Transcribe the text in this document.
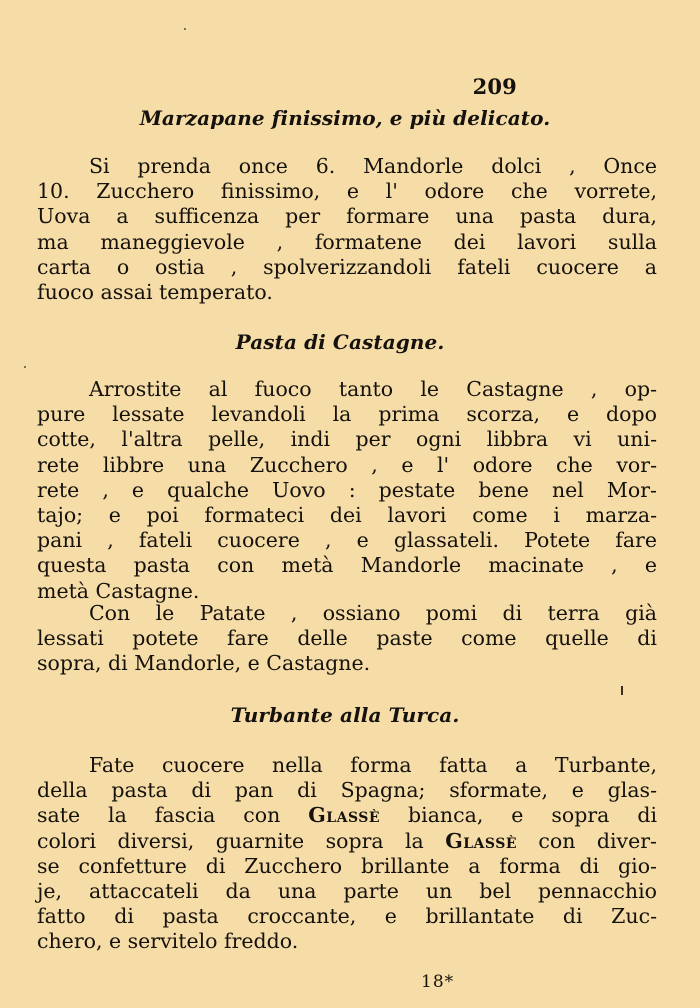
209
Marzapane finissimo, e più delicato.
Si prenda once 6. Mandorle dolci , Once
10. Zucchero finissimo, e l' odore che vorrete,
Uova a sufficenza per formare una pasta dura,
ma maneggievole , formatene dei lavori sulla
carta o ostia , spolverizzandoli fateli cuocere a
fuoco assai temperato.
Pasta di Castagne.
Arrostite al fuoco tanto le Castagne , op-
pure lessate levandoli la prima scorza, e dopo
cotte, l'altra pelle, indi per ogni libbra vi uni-
rete libbre una Zucchero , e l' odore che vor-
rete , e qualche Uovo : pestate bene nel Mor-
tajo; e poi formateci dei lavori come i marza-
pani , fateli cuocere , e glassateli. Potete fare
questa pasta con metà Mandorle macinate , e
metà Castagne.
Con le Patate , ossiano pomi di terra già
lessati potete fare delle paste come quelle di
sopra, di Mandorle, e Castagne.
Turbante alla Turca.
Fate cuocere nella forma fatta a Turbante,
della pasta di pan di Spagna; sformate, e glas-
sate la fascia con Glassè bianca, e sopra di
colori diversi, guarnite sopra la Glassè con diver-
se confetture di Zucchero brillante a forma di gio-
je, attaccateli da una parte un bel pennacchio
fatto di pasta croccante, e brillantate di Zuc-
chero, e servitelo freddo.
18*
